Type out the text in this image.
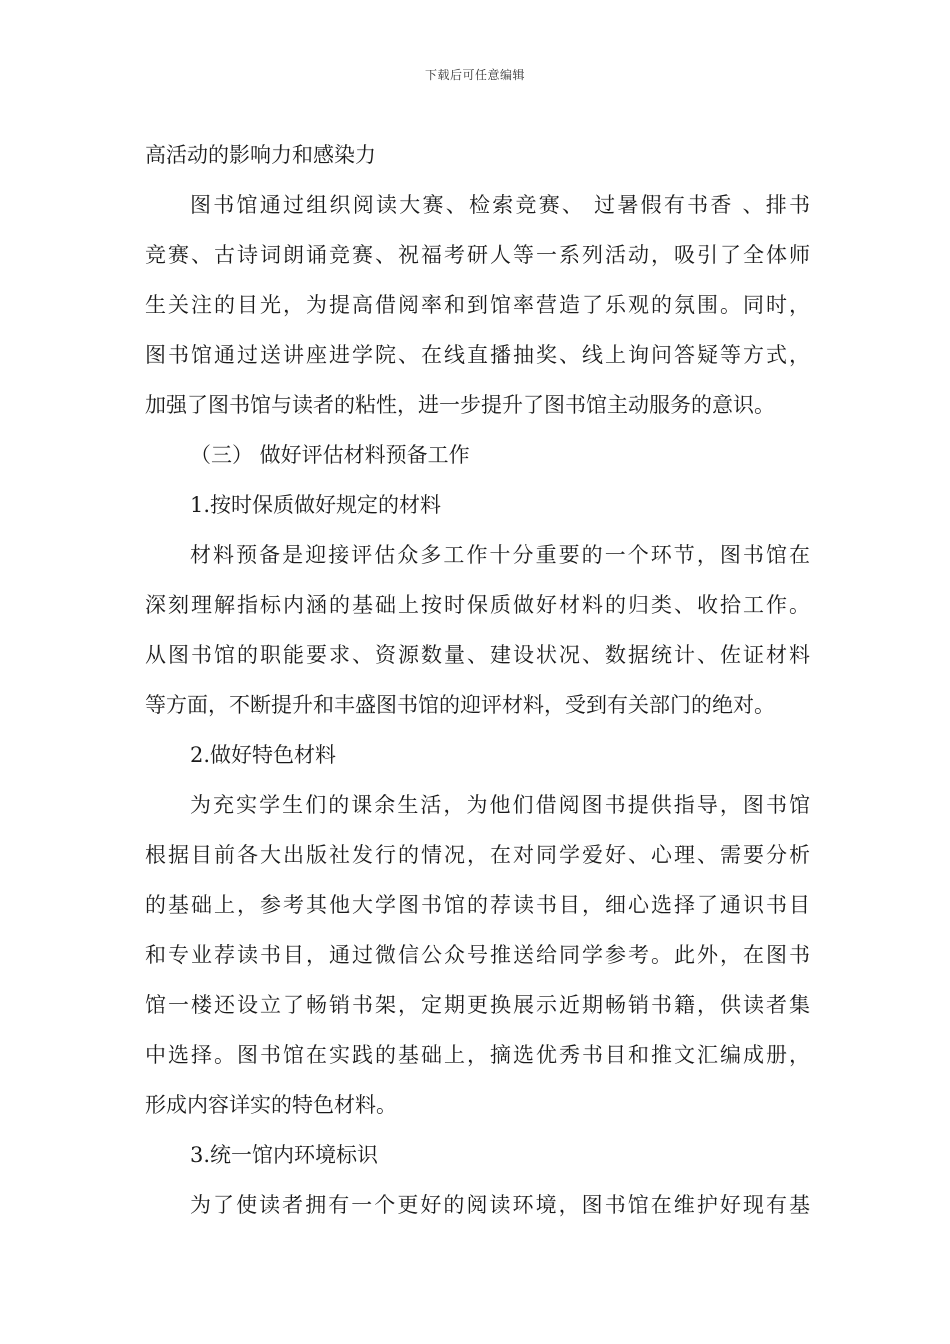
下载后可任意编辑
高活动的影响力和感染力
图书馆通过组织阅读大赛、检索竞赛、 过暑假有书香 、排书
竞赛、古诗词朗诵竞赛、祝福考研人等一系列活动，吸引了全体师
生关注的目光，为提高借阅率和到馆率营造了乐观的氛围。同时，
图书馆通过送讲座进学院、在线直播抽奖、线上询问答疑等方式，
加强了图书馆与读者的粘性，进一步提升了图书馆主动服务的意识。
（三） 做好评估材料预备工作
1.按时保质做好规定的材料
材料预备是迎接评估众多工作十分重要的一个环节，图书馆在
深刻理解指标内涵的基础上按时保质做好材料的归类、收拾工作。
从图书馆的职能要求、资源数量、建设状况、数据统计、佐证材料
等方面，不断提升和丰盛图书馆的迎评材料，受到有关部门的绝对。
2.做好特色材料
为充实学生们的课余生活，为他们借阅图书提供指导，图书馆
根据目前各大出版社发行的情况，在对同学爱好、心理、需要分析
的基础上，参考其他大学图书馆的荐读书目，细心选择了通识书目
和专业荐读书目，通过微信公众号推送给同学参考。此外，在图书
馆一楼还设立了畅销书架，定期更换展示近期畅销书籍，供读者集
中选择。图书馆在实践的基础上，摘选优秀书目和推文汇编成册，
形成内容详实的特色材料。
3.统一馆内环境标识
为了使读者拥有一个更好的阅读环境，图书馆在维护好现有基
